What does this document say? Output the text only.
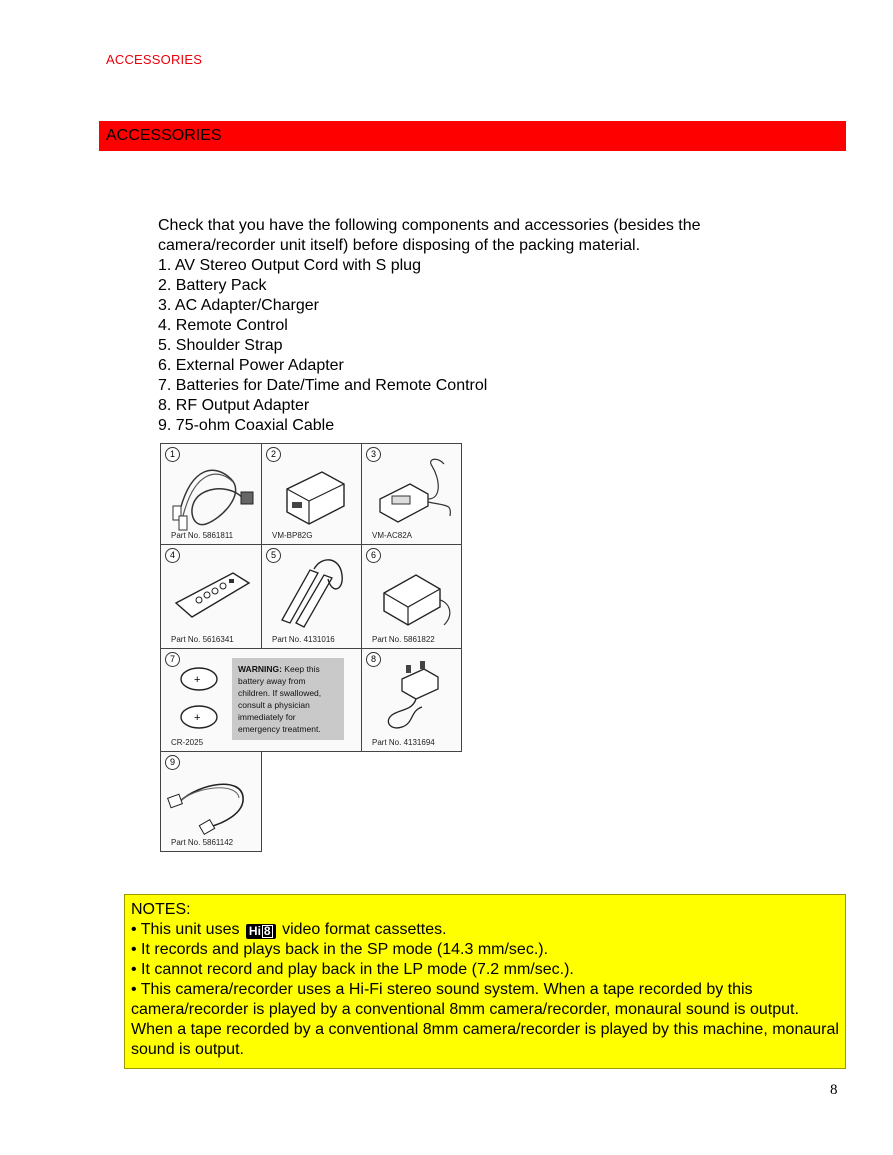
ACCESSORIES
ACCESSORIES

Check that you have the following components and accessories (besides the camera/recorder unit itself) before disposing of the packing material.

1. AV Stereo Output Cord with S plug
2. Battery Pack
3. AC Adapter/Charger
4. Remote Control
5. Shoulder Strap
6. External Power Adapter
7. Batteries for Date/Time and Remote Control
8. RF Output Adapter
9. 75-ohm Coaxial Cable
1
Part No. 5861811
2
VM-BP82G
3
VM-AC82A
4
Part No. 5616341
5
Part No. 4131016
6
Part No. 5861822
+
+
7
CR-2025
8
Part No. 4131694
9
Part No. 5861142
WARNING: Keep this battery away from children. If swallowed, consult a physician immediately for emergency treatment.

NOTES:

• This unit uses Hi 8 video format cassettes.

• It records and plays back in the SP mode (14.3 mm/sec.).

• It cannot record and play back in the LP mode (7.2 mm/sec.).

• This camera/recorder uses a Hi-Fi stereo sound system. When a tape recorded by this camera/recorder is played by a conventional 8mm camera/recorder, monaural sound is output. When a tape recorded by a conventional 8mm camera/recorder is played by this machine, monaural sound is output.

8
